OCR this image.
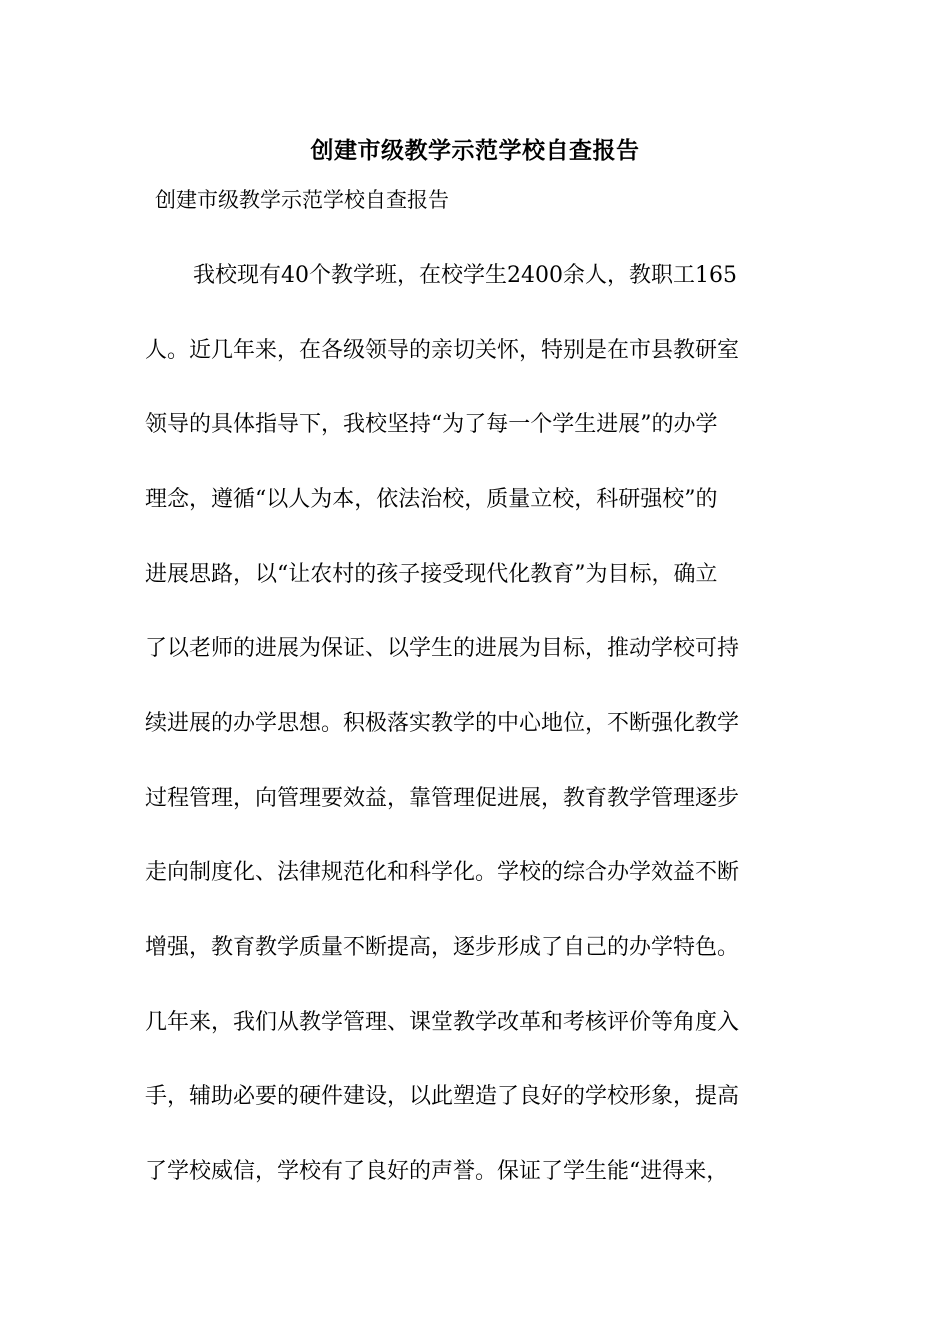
创建市级教学示范学校自查报告
创建市级教学示范学校自查报告
我校现有40个教学班，在校学生2400余人，教职工165
人。近几年来，在各级领导的亲切关怀，特别是在市县教研室
领导的具体指导下，我校坚持“为了每一个学生进展”的办学
理念，遵循“以人为本，依法治校，质量立校，科研强校”的
进展思路，以“让农村的孩子接受现代化教育”为目标，确立
了以老师的进展为保证、以学生的进展为目标，推动学校可持
续进展的办学思想。积极落实教学的中心地位，不断强化教学
过程管理，向管理要效益，靠管理促进展，教育教学管理逐步
走向制度化、法律规范化和科学化。学校的综合办学效益不断
增强，教育教学质量不断提高，逐步形成了自己的办学特色。
几年来，我们从教学管理、课堂教学改革和考核评价等角度入
手，辅助必要的硬件建设，以此塑造了良好的学校形象，提高
了学校威信，学校有了良好的声誉。保证了学生能“进得来，
